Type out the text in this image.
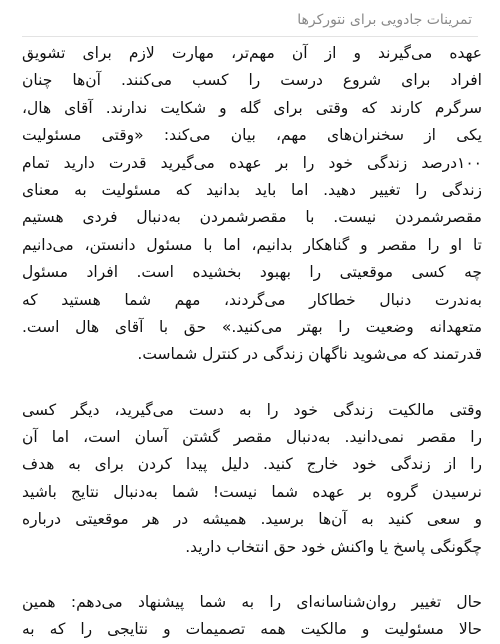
تمرینات جادویی برای نتورکرها
عهده می‌گیرند و از آن مهم‌تر، مهارت لازم برای تشویق
افراد برای شروع درست را کسب می‌کنند. آن‌ها چنان
سرگرم کارند که وقتی برای گله و شکایت ندارند. آقای هال،
یکی از سخنران‌های مهم، بیان می‌کند: «وقتی مسئولیت
۱۰۰درصد زندگی خود را بر عهده می‌گیرید قدرت دارید تمام
زندگی را تغییر دهید. اما باید بدانید که مسئولیت به معنای
مقصرشمردن نیست. با مقصرشمردن به‌دنبال فردی هستیم
تا او را مقصر و گناهکار بدانیم، اما با مسئول دانستن، می‌دانیم
چه کسی موقعیتی را بهبود بخشیده است. افراد مسئول
به‌ندرت دنبال خطاکار می‌گردند، مهم شما هستید که
متعهدانه وضعیت را بهتر می‌کنید.» حق با آقای هال است.
قدرتمند که می‌شوید ناگهان زندگی در کنترل شماست.
وقتی مالکیت زندگی خود را به دست می‌گیرید، دیگر کسی
را مقصر نمی‌دانید. به‌دنبال مقصر گشتن آسان است، اما آن
را از زندگی خود خارج کنید. دلیل پیدا کردن برای به هدف
نرسیدن گروه بر عهده شما نیست! شما به‌دنبال نتایج باشید
و سعی کنید به آن‌ها برسید. همیشه در هر موقعیتی درباره
چگونگی پاسخ یا واکنش خود حق انتخاب دارید.
حال تغییر روان‌شناسانه‌ای را به شما پیشنهاد می‌دهم: همین
حالا مسئولیت و مالکیت همه تصمیمات و نتایجی را که به
